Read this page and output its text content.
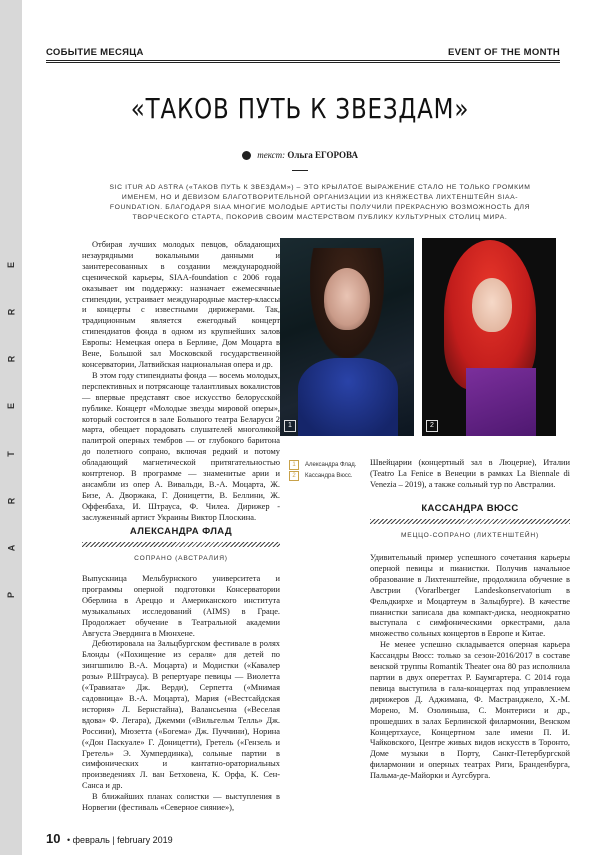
E
R
R
E
T
R
A
P
СОБЫТИЕ МЕСЯЦА	EVENT OF THE MONTH
«ТАКОВ ПУТЬ К ЗВЕЗДАМ»
текст: Ольга ЕГОРОВА
SIC ITUR AD ASTRA («ТАКОВ ПУТЬ К ЗВЕЗДАМ») – ЭТО КРЫЛАТОЕ ВЫРАЖЕНИЕ СТАЛО НЕ ТОЛЬКО ГРОМКИМ ИМЕНЕМ, НО И ДЕВИЗОМ БЛАГОТВОРИТЕЛЬНОЙ ОРГАНИЗАЦИИ ИЗ КНЯЖЕСТВА ЛИХТЕНШТЕЙН SIAA-FOUNDATION. БЛАГОДАРЯ SIAA МНОГИЕ МОЛОДЫЕ АРТИСТЫ ПОЛУЧИЛИ ПРЕКРАСНУЮ ВОЗМОЖНОСТЬ ДЛЯ ТВОРЧЕСКОГО СТАРТА, ПОКОРИВ СВОИМ МАСТЕРСТВОМ ПУБЛИКУ КУЛЬТУРНЫХ СТОЛИЦ МИРА.

Отбирая лучших молодых певцов, обладающих незаурядными вокальными данными и заинтересованных в создании международной сценической карьеры, SIAA-foundation с 2006 года оказывает им поддержку: назначает ежемесячные стипендии, устраивает международные мастер-классы и концерты с известными дирижерами. Так, традиционным является ежегодный концерт стипендиатов фонда в одном из крупнейших залов Европы: Немецкая опера в Берлине, Дом Моцарта в Вене, Большой зал Московской государственной консерватории, Латвийская национальная опера и др.

В этом году стипендиаты фонда — восемь молодых, перспективных и потрясающе талантливых вокалистов — впервые представят свое искусство белорусской публике. Концерт «Молодые звезды мировой оперы», который состоится в зале Большого театра Беларуси 2 марта, обещает порадовать слушателей многоликой палитрой оперных тембров — от глубокого баритона до полетного сопрано, включая редкий и потому обладающий магнетической притягательностью контртенор. В программе — знаменитые арии и ансамбли из опер А. Вивальди, В.-А. Моцарта, Ж. Бизе, А. Дворжака, Г. Доницетти, В. Беллини, Ж. Оффенбаха, И. Штрауса, Ф. Чилеа. Дирижер - заслуженный артист Украины Виктор Плоскина.

1	2
1 Александра Флад.
2 Кассандра Вюсс.
АЛЕКСАНДРА ФЛАД
СОПРАНО (АВСТРАЛИЯ)

Выпускница Мельбурнского университета и программы оперной подготовки Консерватории Оберлина в Ареццо и Американского института музыкальных исследований (AIMS) в Граце. Продолжает обучение в Театральной академии Августа Эвердинга в Мюнхене.

Дебютировала на Зальцбургском фестивале в ролях Блонды («Похищение из сераля» для детей по зингшпилю В.-А. Моцарта) и Модистки («Кавалер розы» Р.Штрауса). В репертуаре певицы — Виолетта («Травиата» Дж. Верди), Серпетта («Мнимая садовница» В.-А. Моцарта), Мария («Вестсайдская история» Л. Бернстайна), Валансьенна («Веселая вдова» Ф. Легара), Джемми («Вильгельм Телль» Дж. Россини), Мюзетта («Богема» Дж. Пуччини), Норина («Дон Паскуале» Г. Доницетти), Гретель («Гензель и Гретель» Э. Хумпердинка), сольные партии в симфонических и кантатно-ораториальных произведениях Л. ван Бетховена, К. Орфа, К. Сен-Санса и др.

В ближайших планах солистки — выступления в Норвегии (фестиваль «Северное сияние»),

Швейцарии (концертный зал в Люцерне), Италии (Teatro La Fenice в Венеции в рамках La Biennale di Venezia – 2019), а также сольный тур по Австралии.

КАССАНДРА ВЮСС
МЕЦЦО-СОПРАНО (ЛИХТЕНШТЕЙН)

Удивительный пример успешного сочетания карьеры оперной певицы и пианистки. Получив начальное образование в Лихтенштейне, продолжила обучение в Австрии (Vorarlberger Landeskonservatorium в Фельдкирхе и Моцартеум в Зальцбурге). В качестве пианистки записала два компакт-диска, неоднократно выступала с симфоническими оркестрами, дала множество сольных концертов в Европе и Китае.

Не менее успешно складывается оперная карьера Кассандры Вюсс: только за сезон-2016/2017 в составе венской труппы Romantik Theater она 80 раз исполнила партии в двух опереттах Р. Баумгартера. С 2014 года певица выступила в гала-концертах под управлением дирижеров Д. Аджимана, Ф. Мастранджело, Х.-М. Морено, М. Озолиньша, С. Монтериси и др., прошедших в залах Берлинской филармонии, Венском Концертхаусе, Концертном зале имени П. И. Чайковского, Центре живых видов искусств в Торонто, Доме музыки в Порту, Санкт-Петербургской филармонии и оперных театрах Риги, Бранденбурга, Пальма-де-Майорки и Аугсбурга.

10 • февраль | february 2019
